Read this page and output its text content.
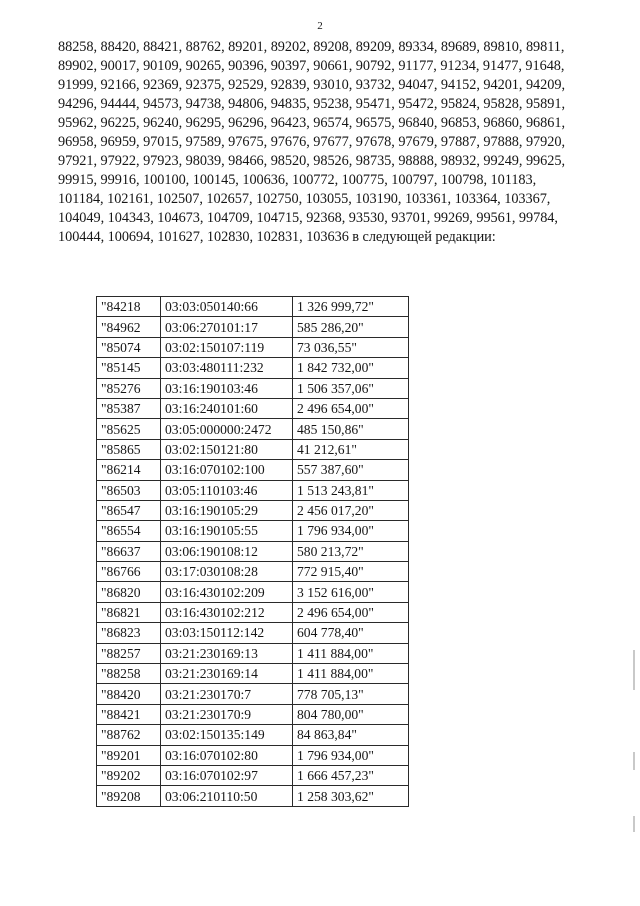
2
88258, 88420, 88421, 88762, 89201, 89202, 89208, 89209, 89334, 89689, 89810, 89811,
89902, 90017, 90109, 90265, 90396, 90397, 90661, 90792, 91177, 91234, 91477, 91648,
91999, 92166, 92369, 92375, 92529, 92839, 93010, 93732, 94047, 94152, 94201, 94209,
94296, 94444, 94573, 94738, 94806, 94835, 95238, 95471, 95472, 95824, 95828, 95891,
95962, 96225, 96240, 96295, 96296, 96423, 96574, 96575, 96840, 96853, 96860, 96861,
96958, 96959, 97015, 97589, 97675, 97676, 97677, 97678, 97679, 97887, 97888, 97920,
97921, 97922, 97923, 98039, 98466, 98520, 98526, 98735, 98888, 98932, 99249, 99625,
99915, 99916, 100100, 100145, 100636, 100772, 100775, 100797, 100798, 101183,
101184, 102161, 102507, 102657, 102750, 103055, 103190, 103361, 103364, 103367,
104049, 104343, 104673, 104709, 104715, 92368, 93530, 93701, 99269, 99561, 99784,
100444, 100694, 101627, 102830, 102831, 103636 в следующей редакции:
"84218	03:03:050140:66	1 326 999,72"
"84962	03:06:270101:17	585 286,20"
"85074	03:02:150107:119	73 036,55"
"85145	03:03:480111:232	1 842 732,00"
"85276	03:16:190103:46	1 506 357,06"
"85387	03:16:240101:60	2 496 654,00"
"85625	03:05:000000:2472	485 150,86"
"85865	03:02:150121:80	41 212,61"
"86214	03:16:070102:100	557 387,60"
"86503	03:05:110103:46	1 513 243,81"
"86547	03:16:190105:29	2 456 017,20"
"86554	03:16:190105:55	1 796 934,00"
"86637	03:06:190108:12	580 213,72"
"86766	03:17:030108:28	772 915,40"
"86820	03:16:430102:209	3 152 616,00"
"86821	03:16:430102:212	2 496 654,00"
"86823	03:03:150112:142	604 778,40"
"88257	03:21:230169:13	1 411 884,00"
"88258	03:21:230169:14	1 411 884,00"
"88420	03:21:230170:7	778 705,13"
"88421	03:21:230170:9	804 780,00"
"88762	03:02:150135:149	84 863,84"
"89201	03:16:070102:80	1 796 934,00"
"89202	03:16:070102:97	1 666 457,23"
"89208	03:06:210110:50	1 258 303,62"
